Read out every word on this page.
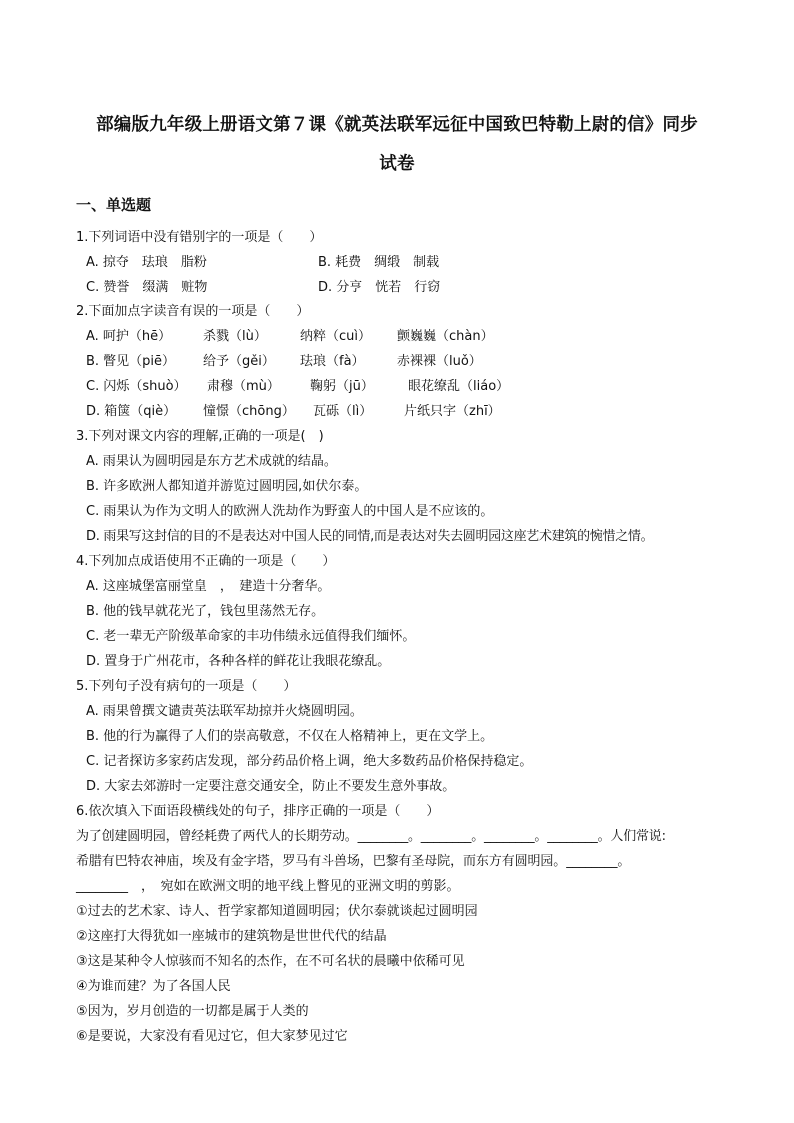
部编版九年级上册语文第７课《就英法联军远征中国致巴特勒上尉的信》同步
试卷
一、单选题
1.下列词语中没有错别字的一项是（　　）
A. 掠夺　珐琅　脂粉	B. 耗费　绸缎　制载
C. 赞誉　缀满　赃物	D. 分亨　恍若　行窃
2.下面加点字读音有误的一项是（　　）
A. 呵护（hē） 杀戮（lù）	纳粹（cuì） 颤巍巍（chàn）
B. 瞥见（piē） 给予（gěi） 珐琅（fà） 赤裸裸（luǒ）
C. 闪烁（shuò） 肃穆（mù） 鞠躬（jū）	眼花缭乱（liáo）
D. 箱箧（qiè） 憧憬（chōng） 瓦砾（lì） 片纸只字（zhī）
3.下列对课文内容的理解,正确的一项是(　)
A. 雨果认为圆明园是东方艺术成就的结晶。
B. 许多欧洲人都知道并游览过圆明园,如伏尔泰。
C. 雨果认为作为文明人的欧洲人洗劫作为野蛮人的中国人是不应该的。
D. 雨果写这封信的目的不是表达对中国人民的同情,而是表达对失去圆明园这座艺术建筑的惋惜之情。
4.下列加点成语使用不正确的一项是（　　）
A. 这座城堡富丽堂皇　，　建造十分奢华。
B. 他的钱早就花光了，钱包里荡然无存。
C. 老一辈无产阶级革命家的丰功伟绩永远值得我们缅怀。
D. 置身于广州花市，各种各样的鲜花让我眼花缭乱。
5.下列句子没有病句的一项是（　　）
A. 雨果曾撰文谴责英法联军劫掠并火烧圆明园。
B. 他的行为赢得了人们的崇高敬意，不仅在人格精神上，更在文学上。
C. 记者探访多家药店发现，部分药品价格上调，绝大多数药品价格保持稳定。
D. 大家去郊游时一定要注意交通安全，防止不要发生意外事故。
6.依次填入下面语段横线处的句子，排序正确的一项是（　　）
为了创建圆明园，曾经耗费了两代人的长期劳动。________。________。________。________。人们常说:
希腊有巴特农神庙，埃及有金字塔，罗马有斗兽场，巴黎有圣母院，而东方有圆明园。________。
________　，　宛如在欧洲文明的地平线上瞥见的亚洲文明的剪影。
①过去的艺术家、诗人、哲学家都知道圆明园；伏尔泰就谈起过圆明园
②这座打大得犹如一座城市的建筑物是世世代代的结晶
③这是某种令人惊骇而不知名的杰作，在不可名状的晨曦中依稀可见
④为谁而建？为了各国人民
⑤因为，岁月创造的一切都是属于人类的
⑥是要说，大家没有看见过它，但大家梦见过它
